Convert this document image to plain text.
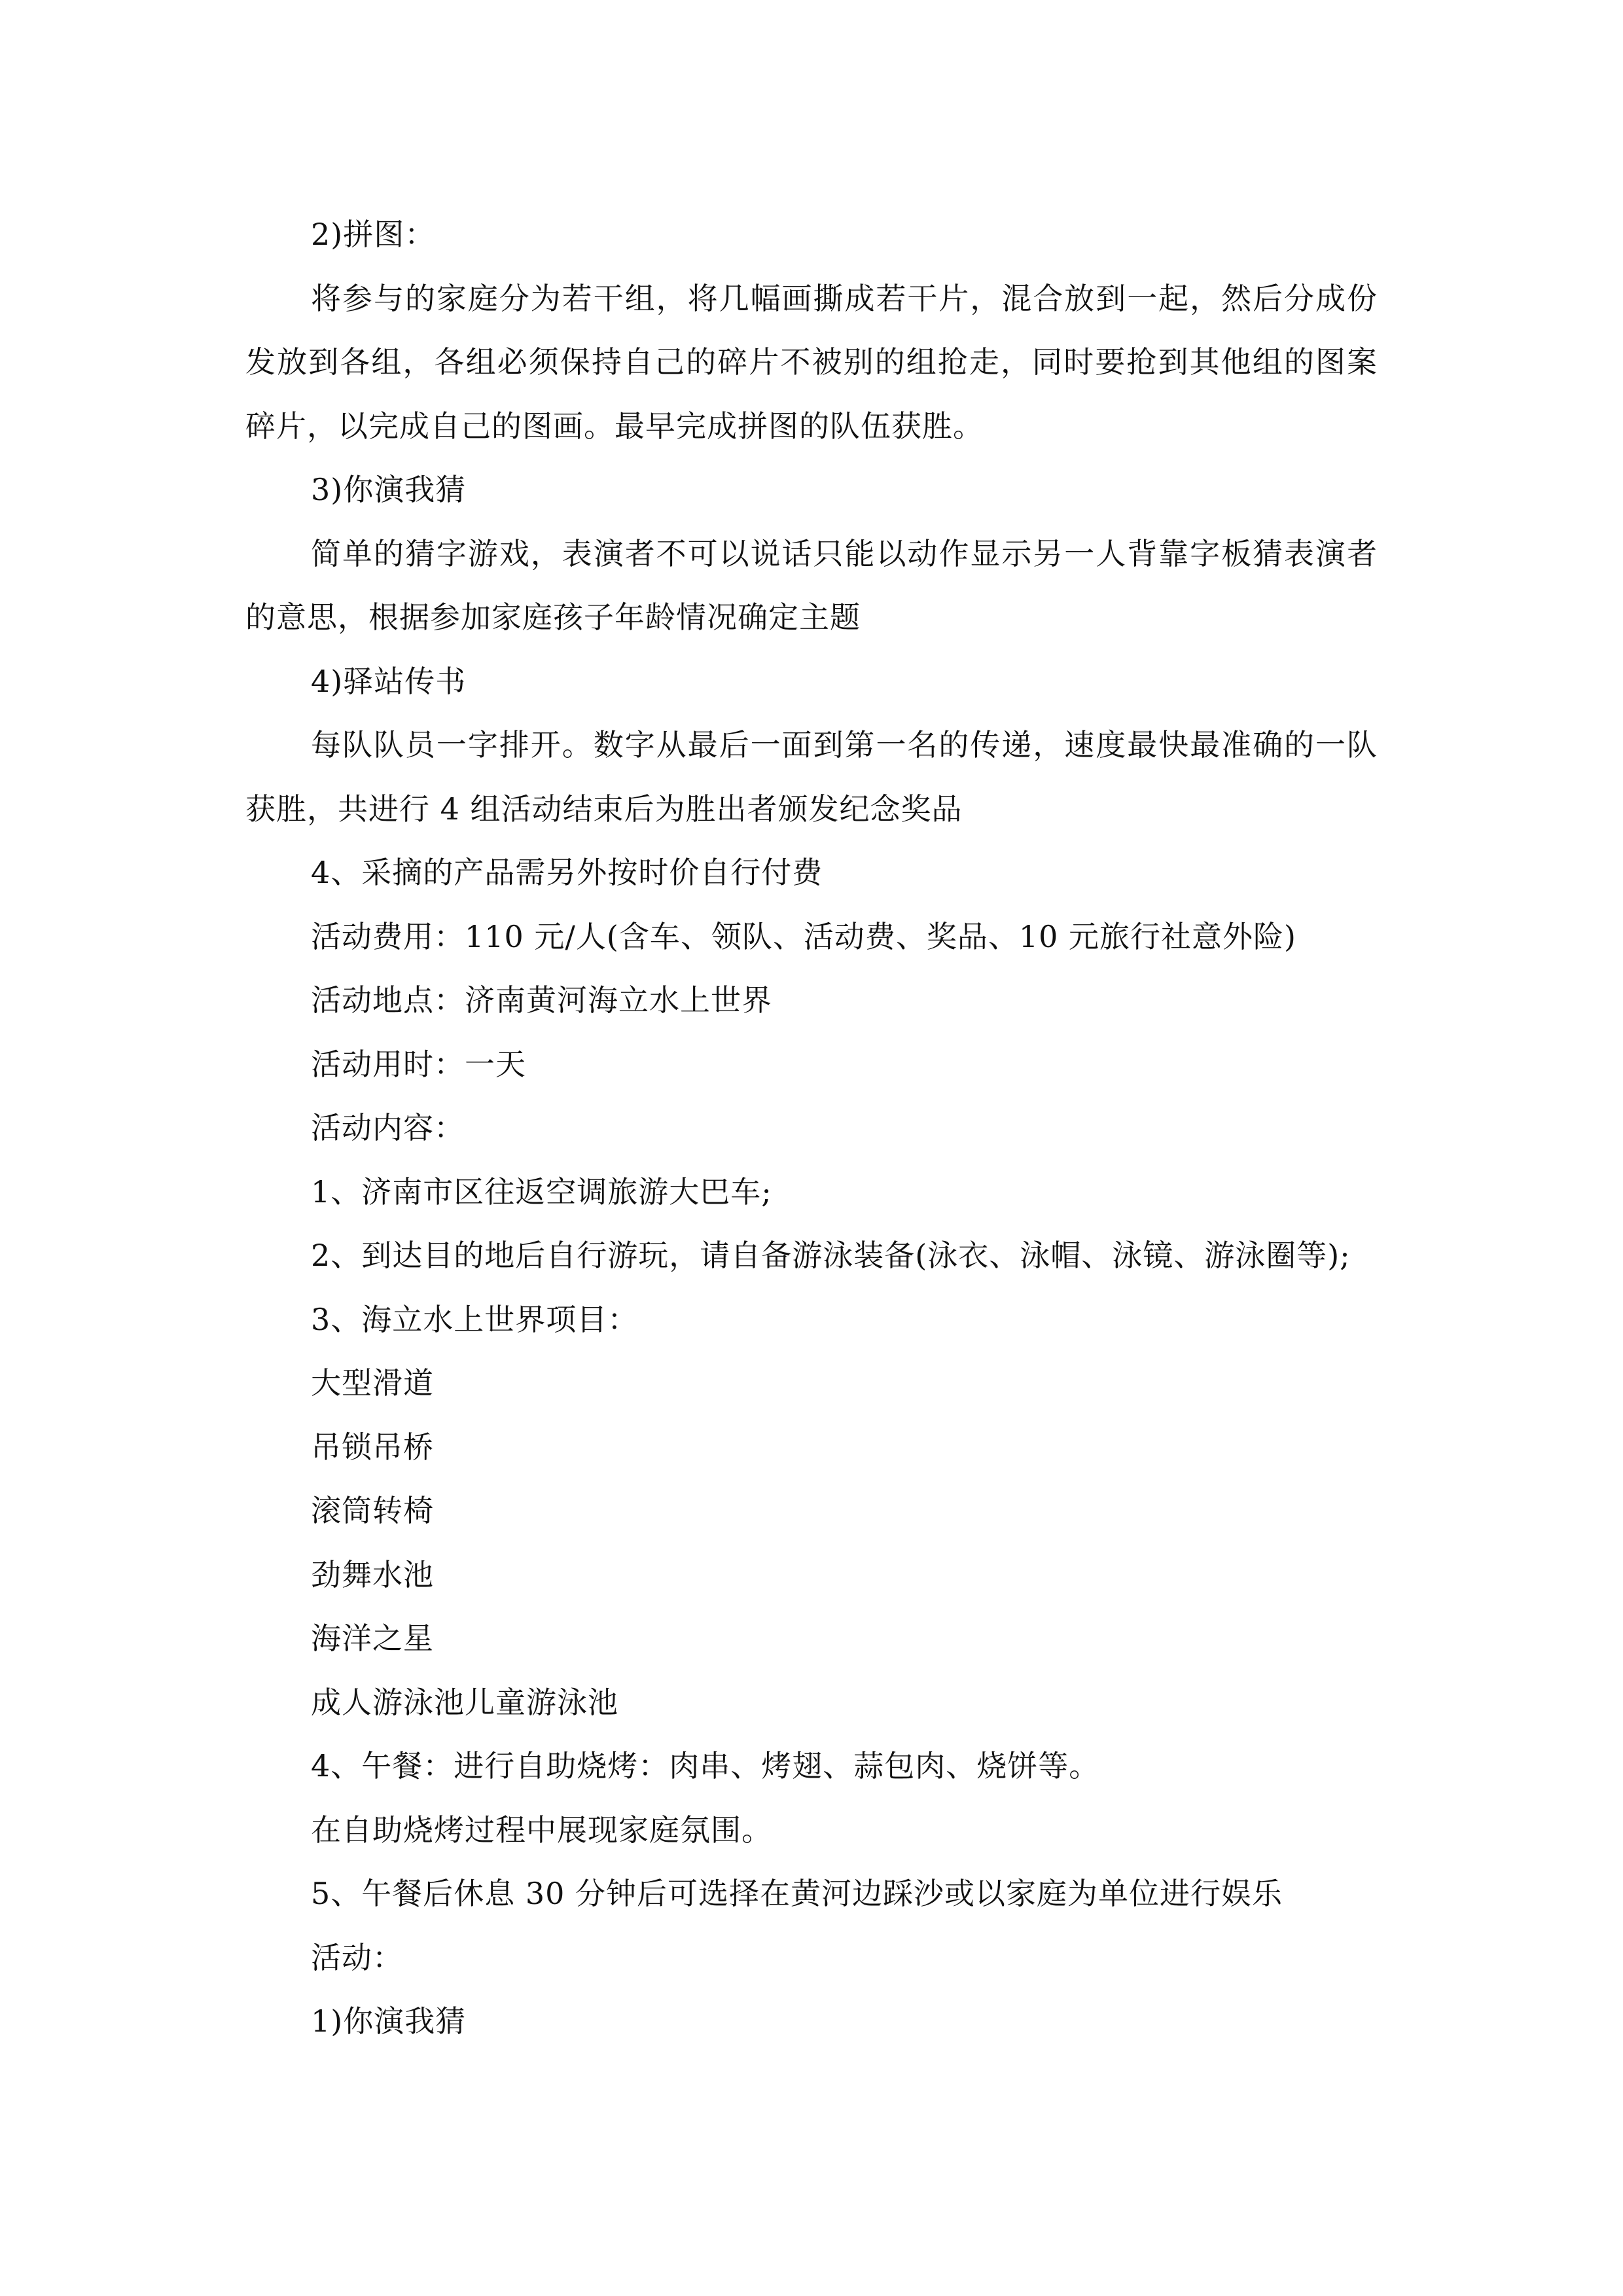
2)拼图：

将参与的家庭分为若干组，将几幅画撕成若干片，混合放到一起，然后分成份发放到各组，各组必须保持自己的碎片不被别的组抢走，同时要抢到其他组的图案碎片，以完成自己的图画。最早完成拼图的队伍获胜。

3)你演我猜

简单的猜字游戏，表演者不可以说话只能以动作显示另一人背靠字板猜表演者的意思，根据参加家庭孩子年龄情况确定主题

4)驿站传书

每队队员一字排开。数字从最后一面到第一名的传递，速度最快最准确的一队获胜，共进行 4 组活动结束后为胜出者颁发纪念奖品

4、采摘的产品需另外按时价自行付费

活动费用：110 元/人(含车、领队、活动费、奖品、10 元旅行社意外险)

活动地点：济南黄河海立水上世界

活动用时：一天

活动内容：

1、济南市区往返空调旅游大巴车;

2、到达目的地后自行游玩，请自备游泳装备(泳衣、泳帽、泳镜、游泳圈等);

3、海立水上世界项目：

大型滑道

吊锁吊桥

滚筒转椅

劲舞水池

海洋之星

成人游泳池儿童游泳池

4、午餐：进行自助烧烤：肉串、烤翅、蒜包肉、烧饼等。

在自助烧烤过程中展现家庭氛围。

5、午餐后休息 30 分钟后可选择在黄河边踩沙或以家庭为单位进行娱乐

活动：

1)你演我猜
